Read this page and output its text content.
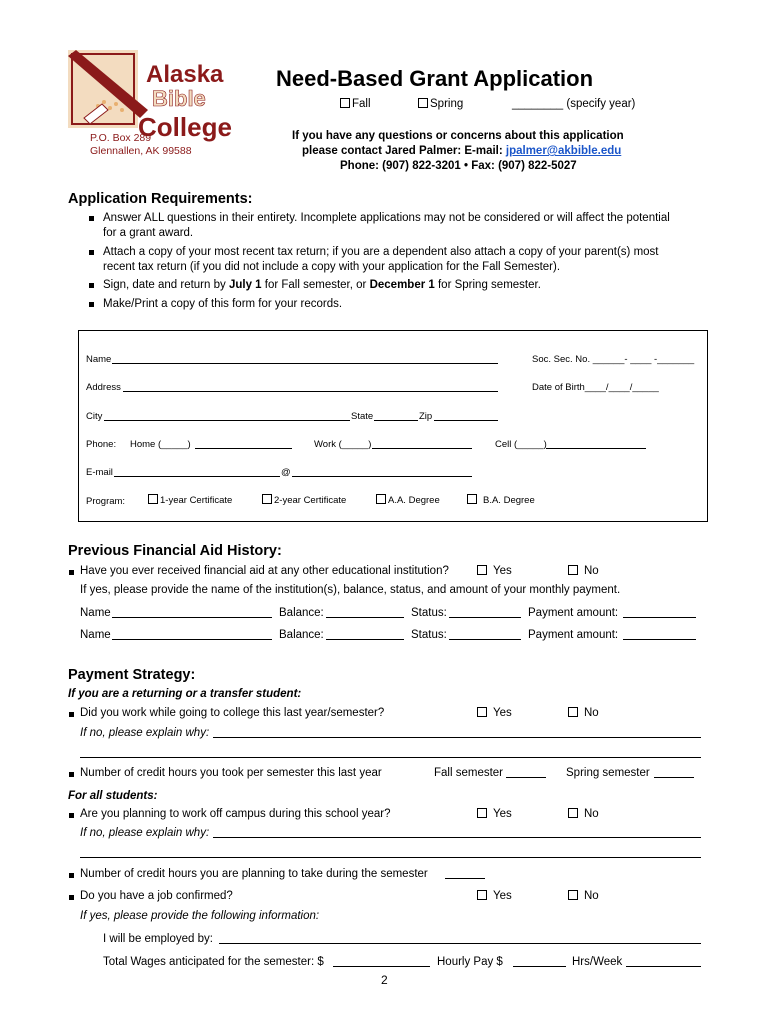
Alaska
Bible
College
P.O. Box 289
Glennallen, AK 99588
Need-Based Grant Application
Fall	Spring	________ (specify year)
If you have any questions or concerns about this application
please contact Jared Palmer: E-mail: jpalmer@akbible.edu
Phone: (907) 822-3201 • Fax: (907) 822-5027
Application Requirements:
Answer ALL questions in their entirety. Incomplete applications may not be considered or will affect the potential
for a grant award.
Attach a copy of your most recent tax return; if you are a dependent also attach a copy of your parent(s) most
recent tax return (if you did not include a copy with your application for the Fall Semester).
Sign, date and return by July 1 for Fall semester, or December 1 for Spring semester.
Make/Print a copy of this form for your records.
Name	Soc. Sec. No. ______- ____ -_______
Address	Date of Birth____/____/_____
City	State	Zip
Phone: Home (_____)	Work (_____)	Cell (_____)
E-mail	@
Program:	1-year Certificate	2-year Certificate	A.A. Degree	B.A. Degree
Previous Financial Aid History:
Have you ever received financial aid at any other educational institution?	Yes	No
If yes, please provide the name of the institution(s), balance, status, and amount of your monthly payment.
Name	Balance:	Status:	Payment amount:
Name	Balance:	Status:	Payment amount:
Payment Strategy:
If you are a returning or a transfer student:
Did you work while going to college this last year/semester?	Yes	No
If no, please explain why:
Number of credit hours you took per semester this last year	Fall semester	Spring semester
For all students:
Are you planning to work off campus during this school year?	Yes	No
If no, please explain why:
Number of credit hours you are planning to take during the semester
Do you have a job confirmed?	Yes	No
If yes, please provide the following information:
I will be employed by:
Total Wages anticipated for the semester: $	Hourly Pay $	Hrs/Week
2
